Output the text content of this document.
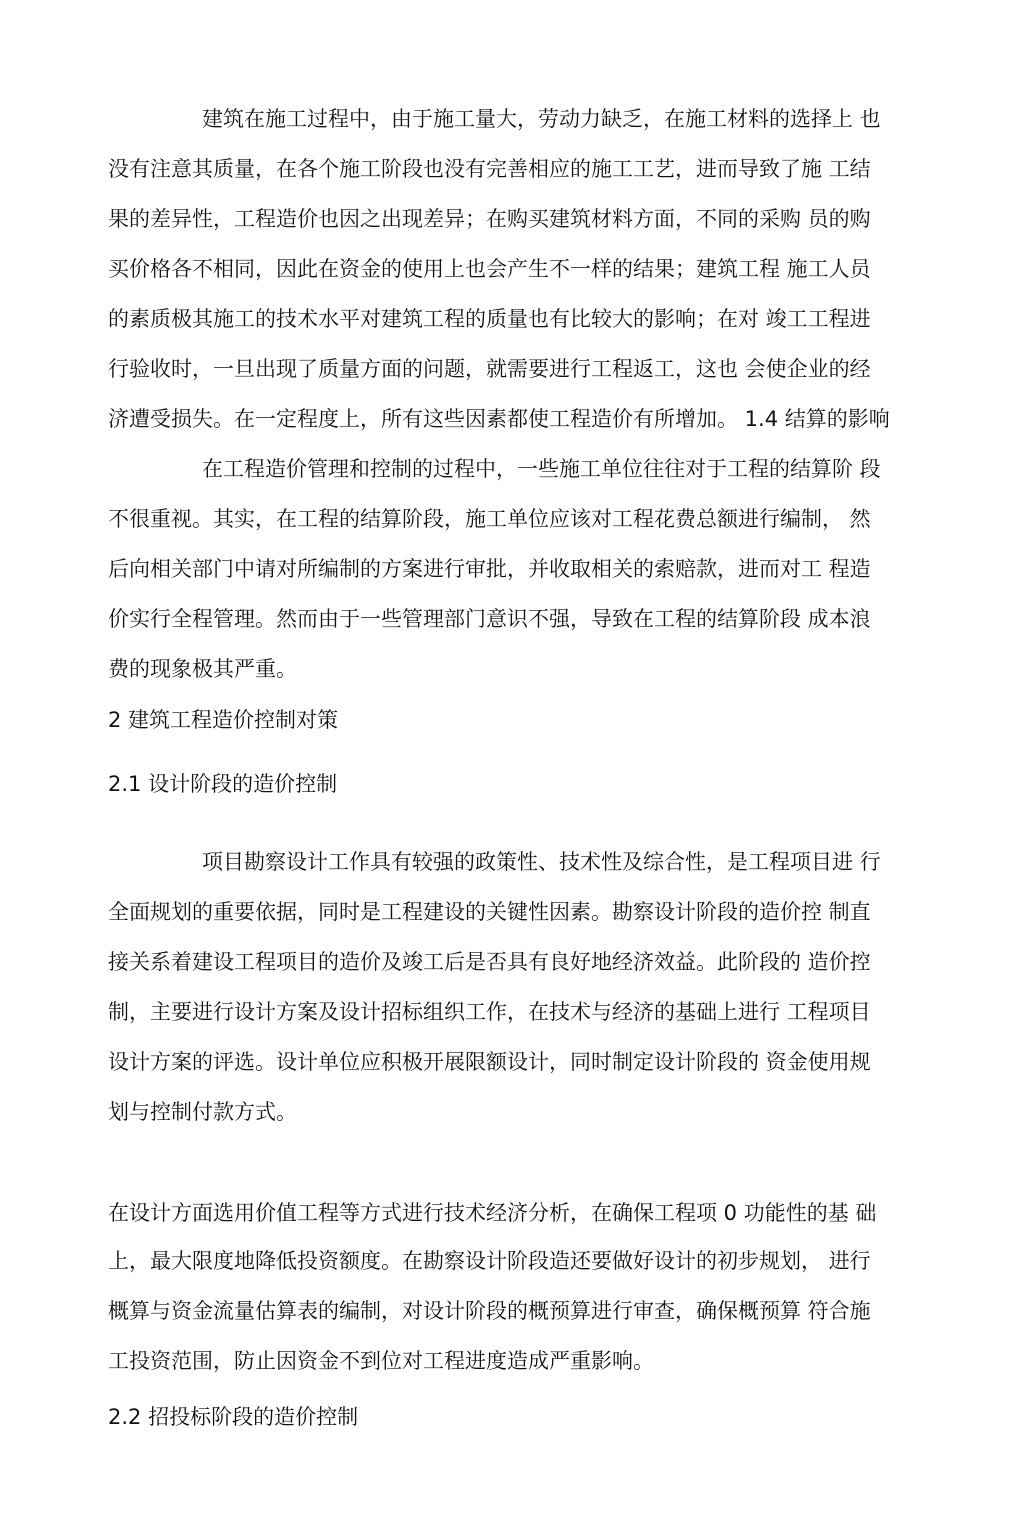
建筑在施工过程中，由于施工量大，劳动力缺乏，在施工材料的选择上 也
没有注意其质量，在各个施工阶段也没有完善相应的施工工艺，进而导致了施 工结
果的差异性，工程造价也因之出现差异；在购买建筑材料方面，不同的采购 员的购
买价格各不相同，因此在资金的使用上也会产生不一样的结果；建筑工程 施工人员
的素质极其施工的技术水平对建筑工程的质量也有比较大的影响；在对 竣工工程进
行验收时，一旦出现了质量方面的问题，就需要进行工程返工，这也 会使企业的经
济遭受损失。在一定程度上，所有这些因素都使工程造价有所增加。 1.4 结算的影响
在工程造价管理和控制的过程中，一些施工单位往往对于工程的结算阶 段
不很重视。其实，在工程的结算阶段，施工单位应该对工程花费总额进行编制， 然
后向相关部门中请对所编制的方案进行审批，并收取相关的索赔款，进而对工 程造
价实行全程管理。然而由于一些管理部门意识不强，导致在工程的结算阶段 成本浪
费的现象极其严重。
2 建筑工程造价控制对策
2.1 设计阶段的造价控制
项目勘察设计工作具有较强的政策性、技术性及综合性，是工程项目进 行
全面规划的重要依据，同时是工程建设的关键性因素。勘察设计阶段的造价控 制直
接关系着建设工程项目的造价及竣工后是否具有良好地经济效益。此阶段的 造价控
制，主要进行设计方案及设计招标组织工作，在技术与经济的基础上进行 工程项目
设计方案的评选。设计单位应积极开展限额设计，同时制定设计阶段的 资金使用规
划与控制付款方式。
在设计方面选用价值工程等方式进行技术经济分析，在确保工程项 0 功能性的基 础
上，最大限度地降低投资额度。在勘察设计阶段造还要做好设计的初步规划， 进行
概算与资金流量估算表的编制，对设计阶段的概预算进行审查，确保概预算 符合施
工投资范围，防止因资金不到位对工程进度造成严重影响。
2.2 招投标阶段的造价控制
